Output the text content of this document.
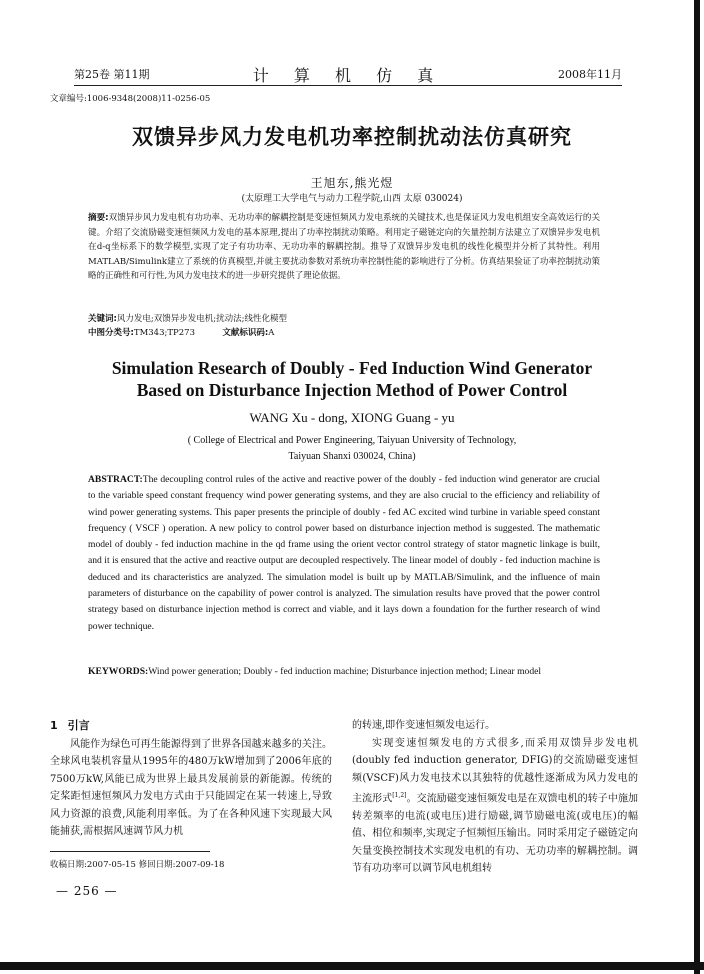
第25卷 第11期	计 算 机 仿 真	2008年11月
文章编号:1006-9348(2008)11-0256-05
双馈异步风力发电机功率控制扰动法仿真研究
王旭东,熊光煜
(太原理工大学电气与动力工程学院,山西 太原 030024)
摘要:双馈异步风力发电机有功功率、无功功率的解耦控制是变速恒频风力发电系统的关键技术,也是保证风力发电机组安全高效运行的关键。介绍了交流励磁变速恒频风力发电的基本原理,提出了功率控制扰动策略。利用定子磁链定向的矢量控制方法建立了双馈异步发电机在d-q坐标系下的数学模型,实现了定子有功功率、无功功率的解耦控制。推导了双馈异步发电机的线性化模型并分析了其特性。利用MATLAB/Simulink建立了系统的仿真模型,并就主要扰动参数对系统功率控制性能的影响进行了分析。仿真结果验证了功率控制扰动策略的正确性和可行性,为风力发电技术的进一步研究提供了理论依据。
关键词:风力发电;双馈异步发电机;扰动法;线性化模型
中图分类号:TM343;TP273	文献标识码:A
Simulation Research of Doubly - Fed Induction Wind Generator
Based on Disturbance Injection Method of Power Control
WANG Xu - dong, XIONG Guang - yu
( College of Electrical and Power Engineering, Taiyuan University of Technology,
Taiyuan Shanxi 030024, China)
ABSTRACT:The decoupling control rules of the active and reactive power of the doubly - fed induction wind generator are crucial to the variable speed constant frequency wind power generating systems, and they are also crucial to the efficiency and reliability of wind power generating systems. This paper presents the principle of doubly - fed AC excited wind turbine in variable speed constant frequency ( VSCF ) operation. A new policy to control power based on disturbance injection method is suggested. The mathematic model of doubly - fed induction machine in the qd frame using the orient vector control strategy of stator magnetic linkage is built, and it is ensured that the active and reactive output are decoupled respectively. The linear model of doubly - fed induction machine is deduced and its characteristics are analyzed. The simulation model is built up by MATLAB/Simulink, and the influence of main parameters of disturbance on the capability of power control is analyzed. The simulation results have proved that the power control strategy based on disturbance injection method is correct and viable, and it lays down a foundation for the further research of wind power technique.
KEYWORDS:Wind power generation; Doubly - fed induction machine; Disturbance injection method; Linear model
1 引言

风能作为绿色可再生能源得到了世界各国越来越多的关注。全球风电装机容量从1995年的480万kW增加到了2006年底的7500万kW,风能已成为世界上最具发展前景的新能源。传统的定桨距恒速恒频风力发电方式由于只能固定在某一转速上,导致风力资源的浪费,风能利用率低。为了在各种风速下实现最大风能捕获,需根据风速调节风力机

的转速,即作变速恒频发电运行。

实现变速恒频发电的方式很多,而采用双馈异步发电机(doubly fed induction generator, DFIG)的交流励磁变速恒频(VSCF)风力发电技术以其独特的优越性逐渐成为风力发电的主流形式[1,2]。交流励磁变速恒频发电是在双馈电机的转子中施加转差频率的电流(或电压)进行励磁,调节励磁电流(或电压)的幅值、相位和频率,实现定子恒频恒压输出。同时采用定子磁链定向矢量变换控制技术实现发电机的有功、无功功率的解耦控制。调节有功功率可以调节风电机组转

收稿日期:2007-05-15 修回日期:2007-09-18
— 256 —
